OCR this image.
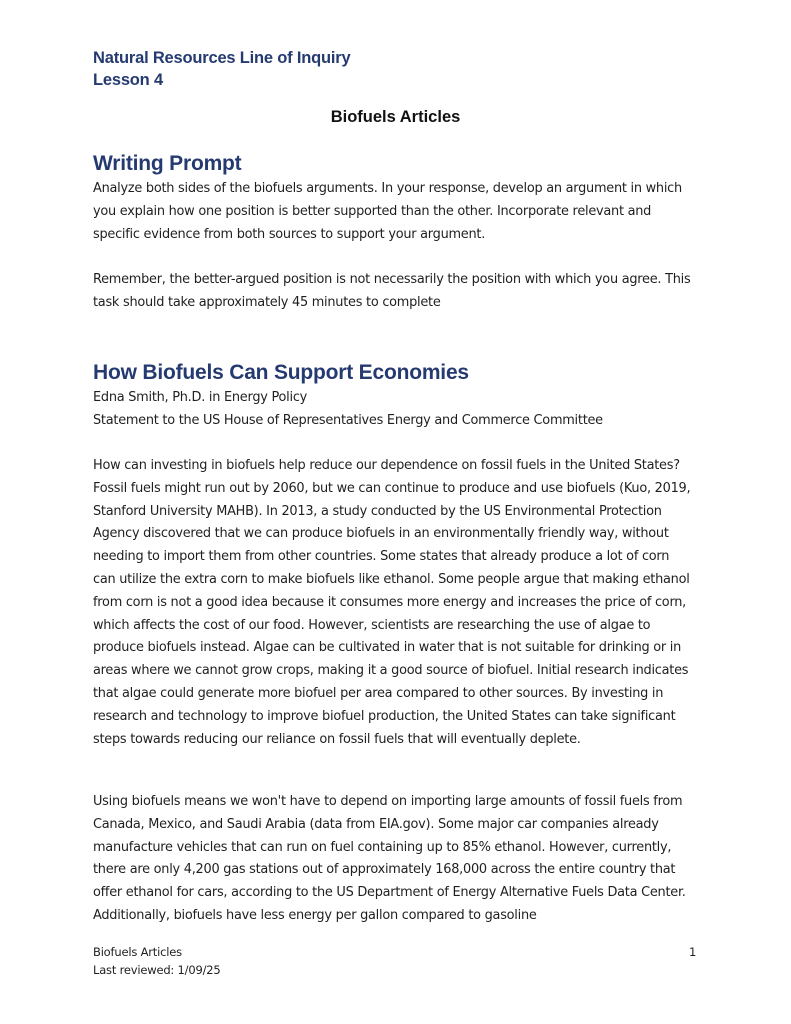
Natural Resources Line of Inquiry
Lesson 4
Biofuels Articles
Writing Prompt

Analyze both sides of the biofuels arguments. In your response, develop an argument in which you explain how one position is better supported than the other. Incorporate relevant and specific evidence from both sources to support your argument.

Remember, the better-argued position is not necessarily the position with which you agree. This task should take approximately 45 minutes to complete

How Biofuels Can Support Economies
Edna Smith, Ph.D. in Energy Policy
Statement to the US House of Representatives Energy and Commerce Committee

How can investing in biofuels help reduce our dependence on fossil fuels in the United States? Fossil fuels might run out by 2060, but we can continue to produce and use biofuels (Kuo, 2019, Stanford University MAHB). In 2013, a study conducted by the US Environmental Protection Agency discovered that we can produce biofuels in an environmentally friendly way, without needing to import them from other countries. Some states that already produce a lot of corn can utilize the extra corn to make biofuels like ethanol. Some people argue that making ethanol from corn is not a good idea because it consumes more energy and increases the price of corn, which affects the cost of our food. However, scientists are researching the use of algae to produce biofuels instead. Algae can be cultivated in water that is not suitable for drinking or in areas where we cannot grow crops, making it a good source of biofuel. Initial research indicates that algae could generate more biofuel per area compared to other sources. By investing in research and technology to improve biofuel production, the United States can take significant steps towards reducing our reliance on fossil fuels that will eventually deplete.

Using biofuels means we won't have to depend on importing large amounts of fossil fuels from Canada, Mexico, and Saudi Arabia (data from EIA.gov). Some major car companies already manufacture vehicles that can run on fuel containing up to 85% ethanol. However, currently, there are only 4,200 gas stations out of approximately 168,000 across the entire country that offer ethanol for cars, according to the US Department of Energy Alternative Fuels Data Center. Additionally, biofuels have less energy per gallon compared to gasoline

Biofuels Articles
Last reviewed: 1/09/25
1
